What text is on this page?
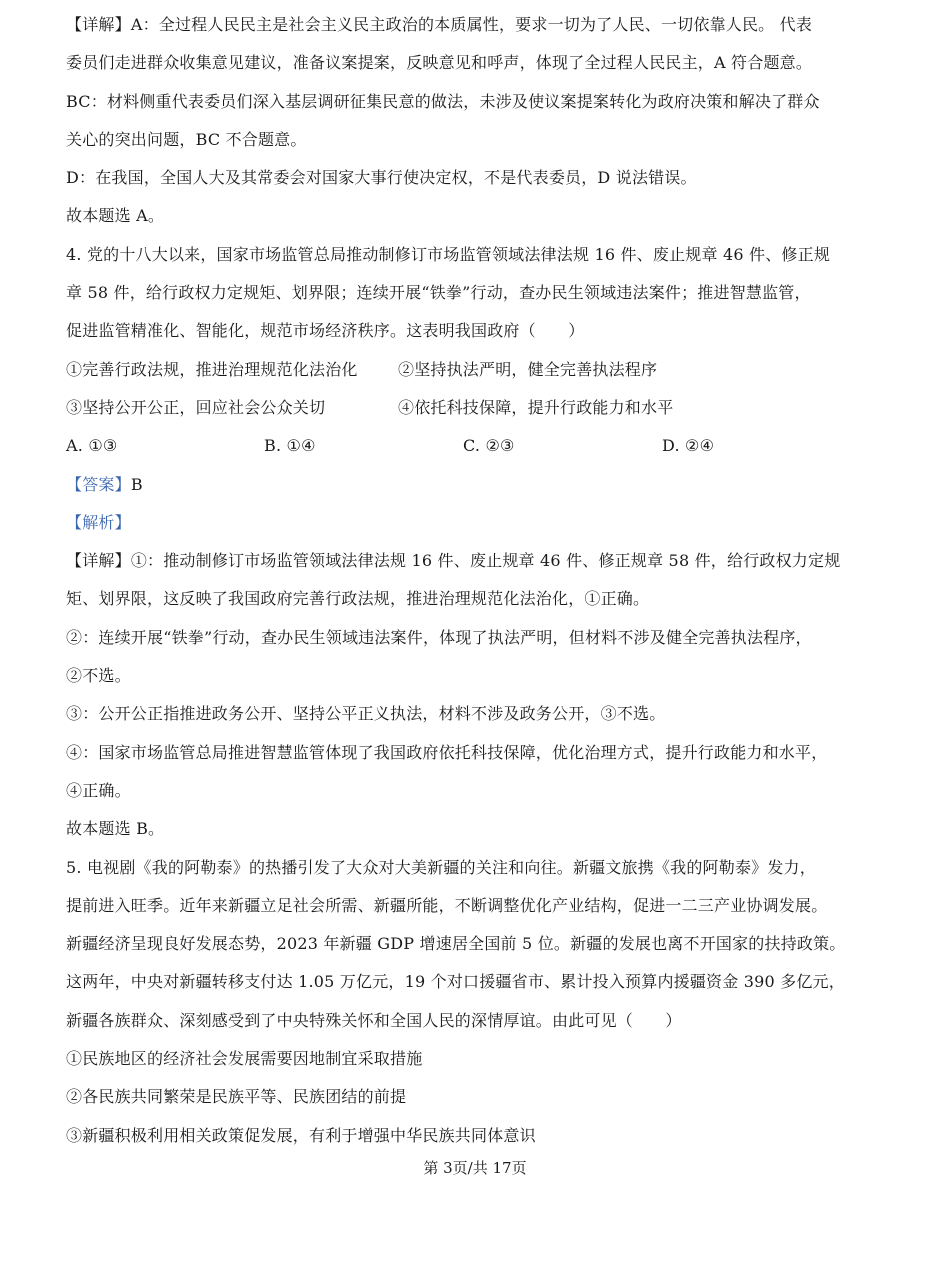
【详解】A：全过程人民民主是社会主义民主政治的本质属性，要求一切为了人民、一切依靠人民。 代表
委员们走进群众收集意见建议，准备议案提案，反映意见和呼声，体现了全过程人民民主，A 符合题意。
BC：材料侧重代表委员们深入基层调研征集民意的做法，未涉及使议案提案转化为政府决策和解决了群众
关心的突出问题，BC 不合题意。
D：在我国，全国人大及其常委会对国家大事行使决定权，不是代表委员，D 说法错误。
故本题选 A。
4. 党的十八大以来，国家市场监管总局推动制修订市场监管领域法律法规 16 件、废止规章 46 件、修正规
章 58 件，给行政权力定规矩、划界限；连续开展“铁拳”行动，查办民生领域违法案件；推进智慧监管，
促进监管精准化、智能化，规范市场经济秩序。这表明我国政府（　　）
①完善行政法规，推进治理规范化法治化	②坚持执法严明，健全完善执法程序
③坚持公开公正，回应社会公众关切	④依托科技保障，提升行政能力和水平
A. ①③	B. ①④	C. ②③	D. ②④
【答案】B
【解析】
【详解】①：推动制修订市场监管领域法律法规 16 件、废止规章 46 件、修正规章 58 件，给行政权力定规
矩、划界限，这反映了我国政府完善行政法规，推进治理规范化法治化，①正确。
②：连续开展“铁拳”行动，查办民生领域违法案件，体现了执法严明，但材料不涉及健全完善执法程序，
②不选。
③：公开公正指推进政务公开、坚持公平正义执法，材料不涉及政务公开，③不选。
④：国家市场监管总局推进智慧监管体现了我国政府依托科技保障，优化治理方式，提升行政能力和水平，
④正确。
故本题选 B。
5. 电视剧《我的阿勒泰》的热播引发了大众对大美新疆的关注和向往。新疆文旅携《我的阿勒泰》发力，
提前进入旺季。近年来新疆立足社会所需、新疆所能，不断调整优化产业结构，促进一二三产业协调发展。
新疆经济呈现良好发展态势，2023 年新疆 GDP 增速居全国前 5 位。新疆的发展也离不开国家的扶持政策。
这两年，中央对新疆转移支付达 1.05 万亿元，19 个对口援疆省市、累计投入预算内援疆资金 390 多亿元，
新疆各族群众、深刻感受到了中央特殊关怀和全国人民的深情厚谊。由此可见（　　）
①民族地区的经济社会发展需要因地制宜采取措施
②各民族共同繁荣是民族平等、民族团结的前提
③新疆积极利用相关政策促发展，有利于增强中华民族共同体意识
第 3页/共 17页
